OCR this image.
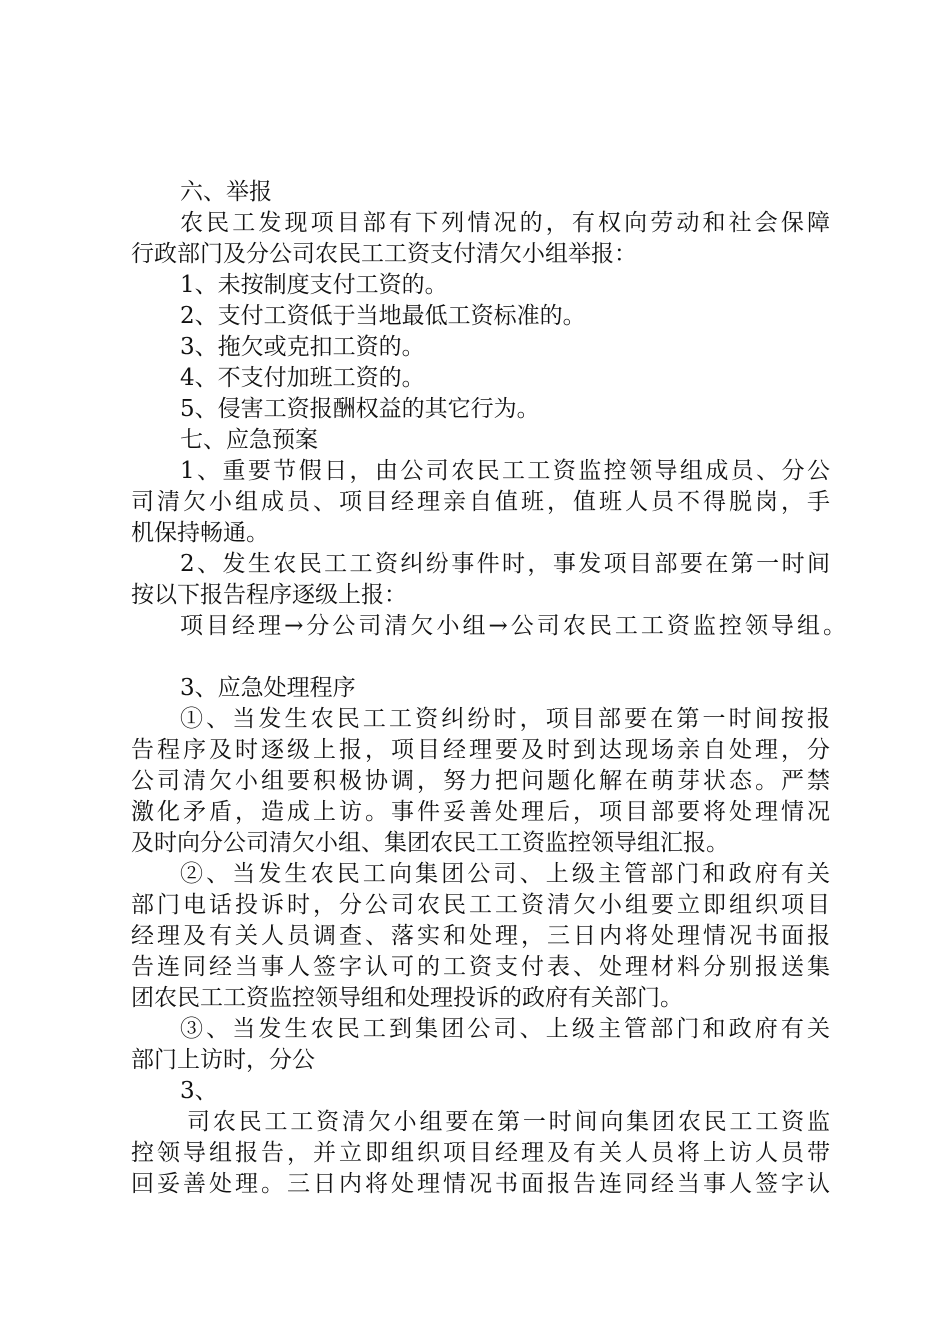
六、举报
农民工发现项目部有下列情况的，有权向劳动和社会保障
行政部门及分公司农民工工资支付清欠小组举报：
1、未按制度支付工资的。
2、支付工资低于当地最低工资标准的。
3、拖欠或克扣工资的。
4、不支付加班工资的。
5、侵害工资报酬权益的其它行为。
七、应急预案
1、重要节假日，由公司农民工工资监控领导组成员、分公
司清欠小组成员、项目经理亲自值班，值班人员不得脱岗，手
机保持畅通。
2、发生农民工工资纠纷事件时，事发项目部要在第一时间
按以下报告程序逐级上报：
项目经理→分公司清欠小组→公司农民工工资监控领导组。
3、应急处理程序
①、当发生农民工工资纠纷时，项目部要在第一时间按报
告程序及时逐级上报，项目经理要及时到达现场亲自处理，分
公司清欠小组要积极协调，努力把问题化解在萌芽状态。严禁
激化矛盾，造成上访。事件妥善处理后，项目部要将处理情况
及时向分公司清欠小组、集团农民工工资监控领导组汇报。
②、当发生农民工向集团公司、上级主管部门和政府有关
部门电话投诉时，分公司农民工工资清欠小组要立即组织项目
经理及有关人员调查、落实和处理，三日内将处理情况书面报
告连同经当事人签字认可的工资支付表、处理材料分别报送集
团农民工工资监控领导组和处理投诉的政府有关部门。
③、当发生农民工到集团公司、上级主管部门和政府有关
部门上访时，分公
3、
司农民工工资清欠小组要在第一时间向集团农民工工资监
控领导组报告，并立即组织项目经理及有关人员将上访人员带
回妥善处理。三日内将处理情况书面报告连同经当事人签字认
